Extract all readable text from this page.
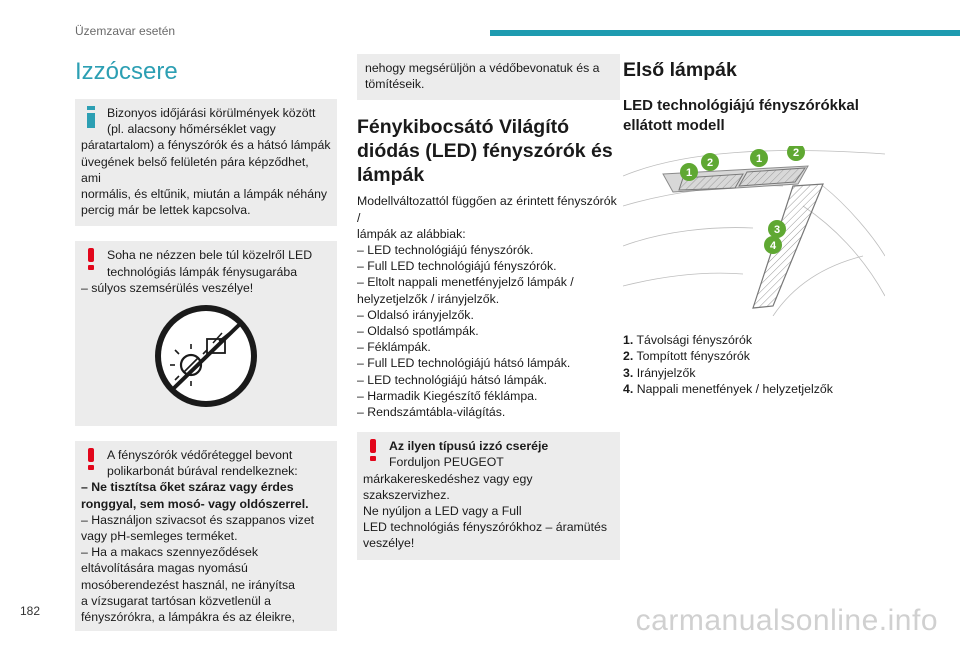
Üzemzavar esetén
Izzócsere

Bizonyos időjárási körülmények között

(pl. alacsony hőmérséklet vagy

páratartalom) a fényszórók és a hátsó lámpák

üvegének belső felületén pára képződhet, ami

normális, és eltűnik, miután a lámpák néhány

percig már be lettek kapcsolva.

Soha ne nézzen bele túl közelről LED

technológiás lámpák fénysugarába

– súlyos szemsérülés veszélye!

A fényszórók védőréteggel bevont

polikarbonát búrával rendelkeznek:

– Ne tisztítsa őket száraz vagy érdes

ronggyal, sem mosó- vagy oldószerrel.

– Használjon szivacsot és szappanos vizet

vagy pH-semleges terméket.

– Ha a makacs szennyeződések

eltávolítására magas nyomású

mosóberendezést használ, ne irányítsa

a vízsugarat tartósan közvetlenül a

fényszórókra, a lámpákra és az éleikre,

nehogy megsérüljön a védőbevonatuk és a

tömítéseik.

Fénykibocsátó Világító
diódás (LED) fényszórók és
lámpák

Modellváltozattól függően az érintett fényszórók /

lámpák az alábbiak:

– LED technológiájú fényszórók.

– Full LED technológiájú fényszórók.

– Eltolt nappali menetfényjelző lámpák /

helyzetjelzők / irányjelzők.

– Oldalsó irányjelzők.

– Oldalsó spotlámpák.

– Féklámpák.

– Full LED technológiájú hátsó lámpák.

– LED technológiájú hátsó lámpák.

– Harmadik Kiegészítő féklámpa.

– Rendszámtábla-világítás.

Az ilyen típusú izzó cseréje

Forduljon PEUGEOT

márkakereskedéshez vagy egy

szakszervizhez.

Ne nyúljon a LED vagy a Full

LED technológiás fényszórókhoz – áramütés

veszélye!

Első lámpák
LED technológiájú fényszórókkal
ellátott modell
1
2	1	2
3
4

1. Távolsági fényszórók

2. Tompított fényszórók

3. Irányjelzők

4. Nappali menetfények / helyzetjelzők

182	carmanualsonline.info
